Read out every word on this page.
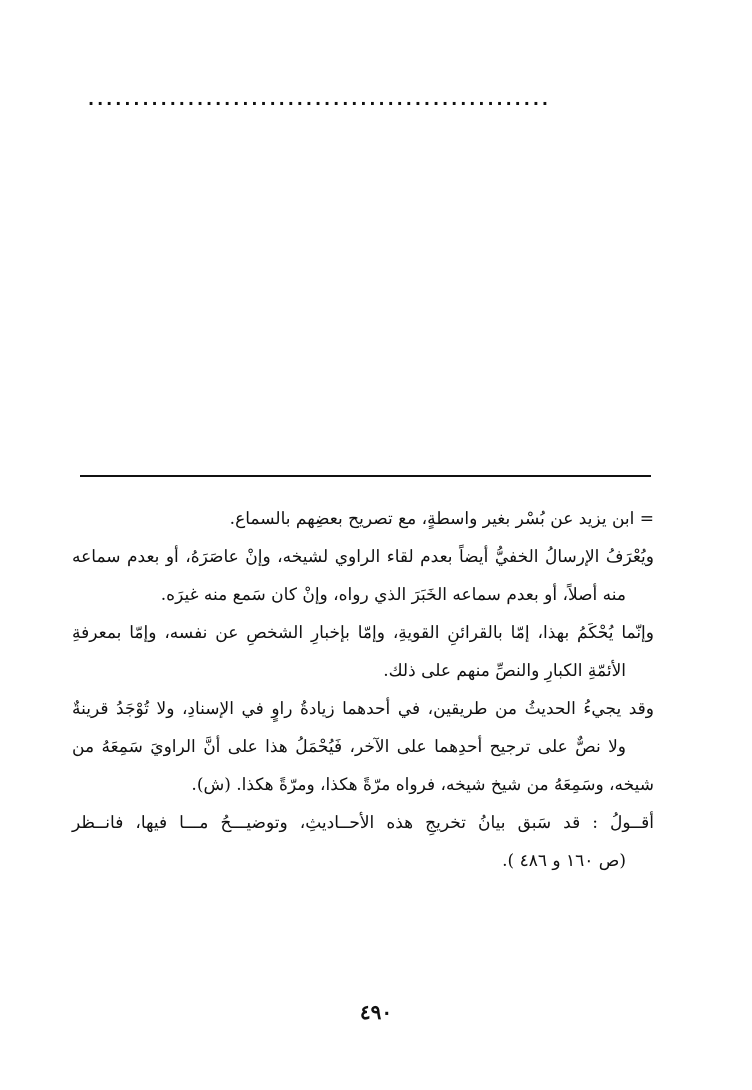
...................................................
= ابن يزيد عن بُسْر بغير واسطةٍ، مع تصريح بعضِهم بالسماع.
ويُعْرَفُ الإرسالُ الخفيُّ أيضاً بعدم لقاء الراوي لشيخه، وإنْ عاصَرَهُ، أو بعدم سماعه
منه أصلاً، أو بعدم سماعه الخَبَرَ الذي رواه، وإنْ كان سَمع منه غيرَه.
وإنّما يُحْكَمُ بهذا، إمّا بالقرائنِ القويةِ، وإمّا بإخبارِ الشخصِ عن نفسه، وإمّا بمعرفةِ
الأئمّةِ الكبارِ والنصِّ منهم على ذلك.
وقد يجيءُ الحديثُ من طريقين، في أحدهما زيادةُ راوٍ في الإسنادِ، ولا تُوْجَدُ قرينةٌ
ولا نصٌّ على ترجيح أحدِهما على الآخر، فَيُحْمَلُ هذا على أنَّ الراويَ سَمِعَهُ من
شيخه، وسَمِعَهُ من شيخ شيخه، فرواه مرّةً هكذا، ومرّةً هكذا. (ش).
أقــولُ : قد سَبق بيانُ تخريجِ هذه الأحــاديثِ، وتوضيـــحُ مـــا فيها، فانــظر
(ص ١٦٠ و ٤٨٦ ).
٤٩٠
